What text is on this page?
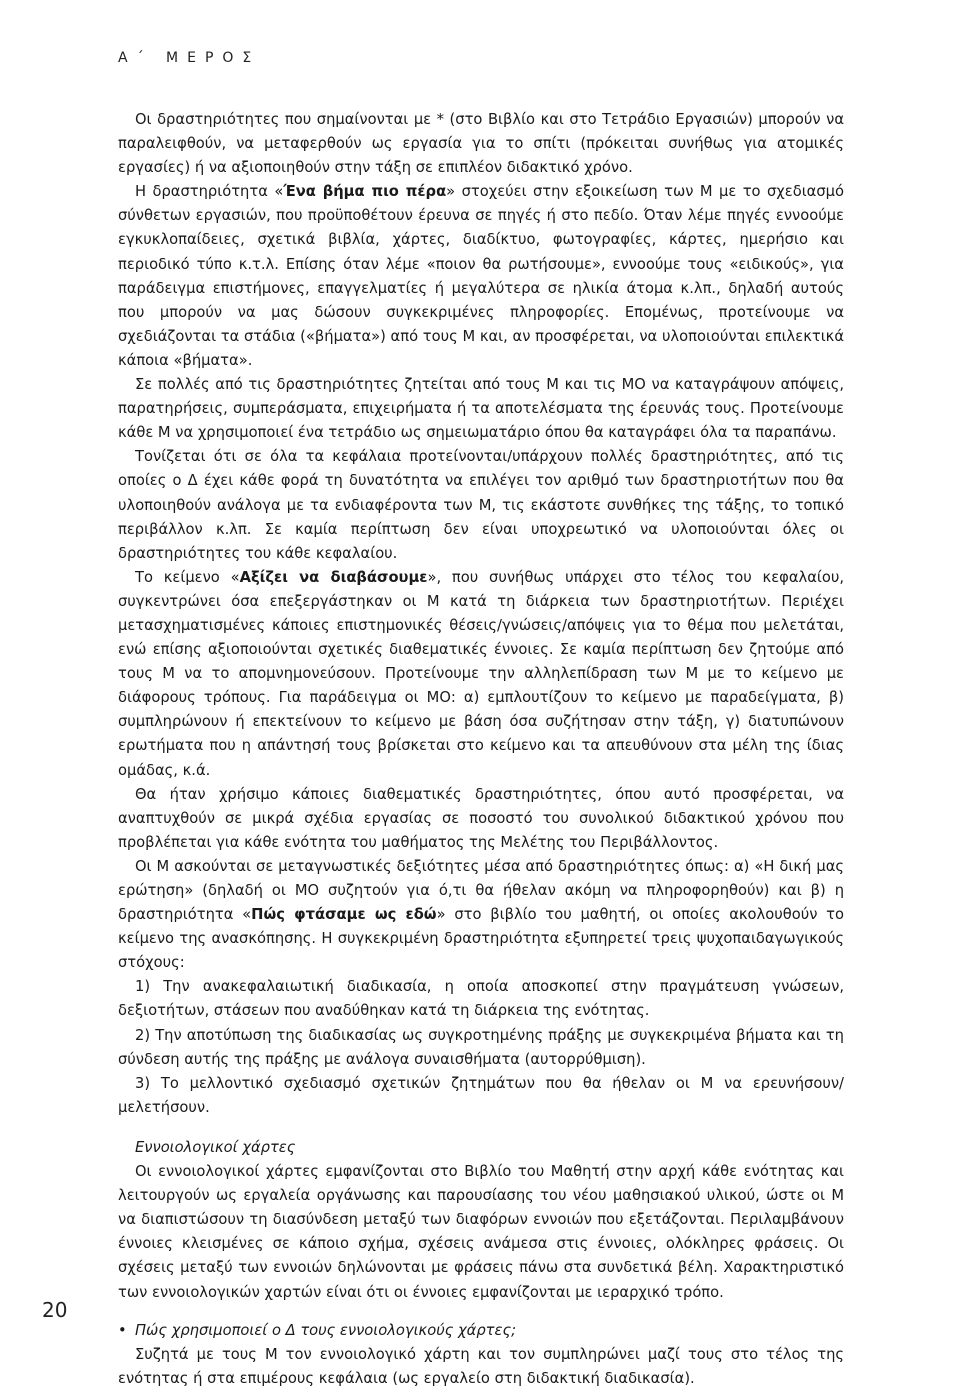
Α΄ ΜΕΡΟΣ

Οι δραστηριότητες που σημαίνονται με * (στο Βιβλίο και στο Τετράδιο Εργασιών) μπορούν να παραλειφθούν, να μεταφερθούν ως εργασία για το σπίτι (πρόκειται συνήθως για ατομικές εργασίες) ή να αξιοποιηθούν στην τάξη σε επιπλέον διδακτικό χρόνο.

Η δραστηριότητα «Ένα βήμα πιο πέρα» στοχεύει στην εξοικείωση των Μ με το σχεδιασμό σύνθετων εργασιών, που προϋποθέτουν έρευνα σε πηγές ή στο πεδίο. Όταν λέμε πηγές εννοούμε εγκυκλοπαίδειες, σχετικά βιβλία, χάρτες, διαδίκτυο, φωτογραφίες, κάρτες, ημερήσιο και περιοδικό τύπο κ.τ.λ. Επίσης όταν λέμε «ποιον θα ρωτήσουμε», εννοούμε τους «ειδικούς», για παράδειγμα επιστήμονες, επαγγελματίες ή μεγαλύτερα σε ηλικία άτομα κ.λπ., δηλαδή αυτούς που μπορούν να μας δώσουν συγκεκριμένες πληροφορίες. Επομένως, προτείνουμε να σχεδιάζονται τα στάδια («βήματα») από τους Μ και, αν προσφέρεται, να υλοποιούνται επιλεκτικά κάποια «βήματα».

Σε πολλές από τις δραστηριότητες ζητείται από τους Μ και τις ΜΟ να καταγράψουν απόψεις, παρατηρήσεις, συμπεράσματα, επιχειρήματα ή τα αποτελέσματα της έρευνάς τους. Προτείνουμε κάθε Μ να χρησιμοποιεί ένα τετράδιο ως σημειωματάριο όπου θα καταγράφει όλα τα παραπάνω.

Τονίζεται ότι σε όλα τα κεφάλαια προτείνονται/υπάρχουν πολλές δραστηριότητες, από τις οποίες ο Δ έχει κάθε φορά τη δυνατότητα να επιλέγει τον αριθμό των δραστηριοτήτων που θα υλοποιηθούν ανάλογα με τα ενδιαφέροντα των Μ, τις εκάστοτε συνθήκες της τάξης, το τοπικό περιβάλλον κ.λπ. Σε καμία περίπτωση δεν είναι υποχρεωτικό να υλοποιούνται όλες οι δραστηριότητες του κάθε κεφαλαίου.

Το κείμενο «Αξίζει να διαβάσουμε», που συνήθως υπάρχει στο τέλος του κεφαλαίου, συγκεντρώνει όσα επεξεργάστηκαν οι Μ κατά τη διάρκεια των δραστηριοτήτων. Περιέχει μετασχηματισμένες κάποιες επιστημονικές θέσεις/γνώσεις/απόψεις για το θέμα που μελετάται, ενώ επίσης αξιοποιούνται σχετικές διαθεματικές έννοιες. Σε καμία περίπτωση δεν ζητούμε από τους Μ να το απομνημονεύσουν. Προτείνουμε την αλληλεπίδραση των Μ με το κείμενο με διάφορους τρόπους. Για παράδειγμα οι ΜΟ: α) εμπλουτίζουν το κείμενο με παραδείγματα, β) συμπληρώνουν ή επεκτείνουν το κείμενο με βάση όσα συζήτησαν στην τάξη, γ) διατυπώνουν ερωτήματα που η απάντησή τους βρίσκεται στο κείμενο και τα απευθύνουν στα μέλη της ίδιας ομάδας, κ.ά.

Θα ήταν χρήσιμο κάποιες διαθεματικές δραστηριότητες, όπου αυτό προσφέρεται, να αναπτυχθούν σε μικρά σχέδια εργασίας σε ποσοστό του συνολικού διδακτικού χρόνου που προβλέπεται για κάθε ενότητα του μαθήματος της Μελέτης του Περιβάλλοντος.

Οι Μ ασκούνται σε μεταγνωστικές δεξιότητες μέσα από δραστηριότητες όπως: α) «Η δική μας ερώτηση» (δηλαδή οι ΜΟ συζητούν για ό,τι θα ήθελαν ακόμη να πληροφορηθούν) και β) η δραστηριότητα «Πώς φτάσαμε ως εδώ» στο βιβλίο του μαθητή, οι οποίες ακολουθούν το κείμενο της ανασκόπησης. Η συγκεκριμένη δραστηριότητα εξυπηρετεί τρεις ψυχοπαιδαγωγικούς στόχους:

1) Την ανακεφαλαιωτική διαδικασία, η οποία αποσκοπεί στην πραγμάτευση γνώσεων, δεξιοτήτων, στάσεων που αναδύθηκαν κατά τη διάρκεια της ενότητας.

2) Την αποτύπωση της διαδικασίας ως συγκροτημένης πράξης με συγκεκριμένα βήματα και τη σύνδεση αυτής της πράξης με ανάλογα συναισθήματα (αυτορρύθμιση).

3) Το μελλοντικό σχεδιασμό σχετικών ζητημάτων που θα ήθελαν οι Μ να ερευνήσουν/μελετήσουν.

Εννοιολογικοί χάρτες

Οι εννοιολογικοί χάρτες εμφανίζονται στο Βιβλίο του Μαθητή στην αρχή κάθε ενότητας και λειτουργούν ως εργαλεία οργάνωσης και παρουσίασης του νέου μαθησιακού υλικού, ώστε οι Μ να διαπιστώσουν τη διασύνδεση μεταξύ των διαφόρων εννοιών που εξετάζονται. Περιλαμβάνουν έννοιες κλεισμένες σε κάποιο σχήμα, σχέσεις ανάμεσα στις έννοιες, ολόκληρες φράσεις. Οι σχέσεις μεταξύ των εννοιών δηλώνονται με φράσεις πάνω στα συνδετικά βέλη. Χαρακτηριστικό των εννοιολογικών χαρτών είναι ότι οι έννοιες εμφανίζονται με ιεραρχικό τρόπο.

• Πώς χρησιμοποιεί ο Δ τους εννοιολογικούς χάρτες;

Συζητά με τους Μ τον εννοιολογικό χάρτη και τον συμπληρώνει μαζί τους στο τέλος της ενότητας ή στα επιμέρους κεφάλαια (ως εργαλείο στη διδακτική διαδικασία).

20
